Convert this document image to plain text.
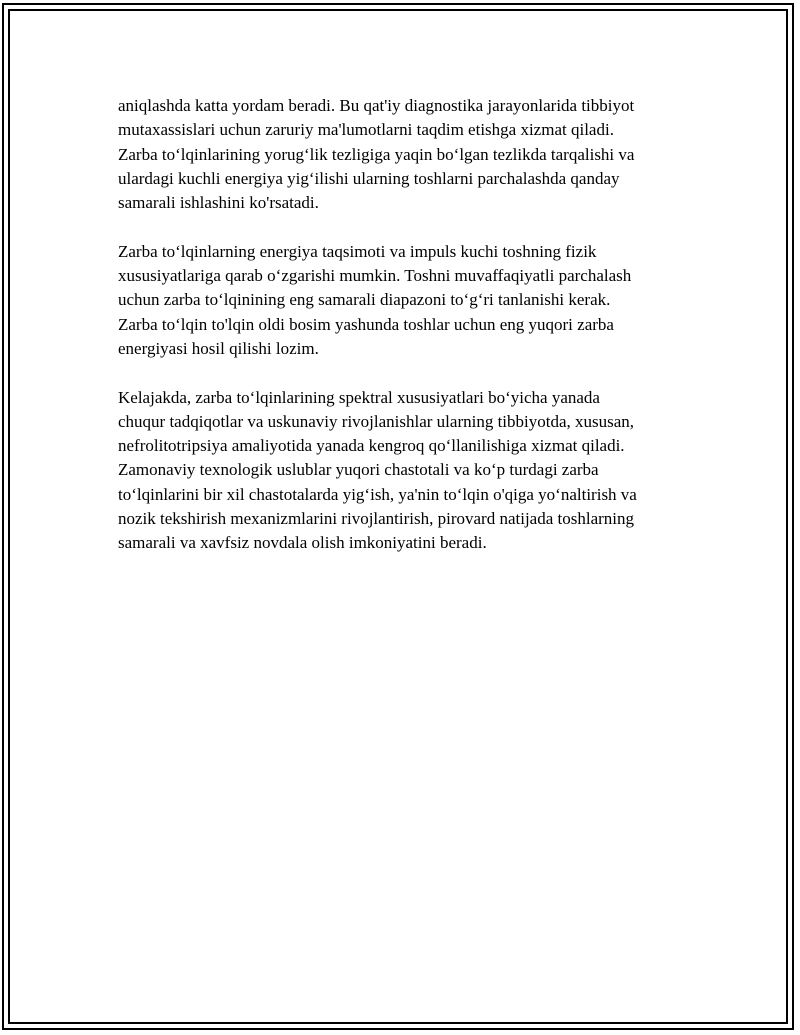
aniqlashda katta yordam beradi. Bu qat'iy diagnostika jarayonlarida tibbiyot
mutaxassislari uchun zaruriy ma'lumotlarni taqdim etishga xizmat qiladi.
Zarba to‘lqinlarining yorug‘lik tezligiga yaqin bo‘lgan tezlikda tarqalishi va
ulardagi kuchli energiya yig‘ilishi ularning toshlarni parchalashda qanday
samarali ishlashini ko'rsatadi.

Zarba to‘lqinlarning energiya taqsimoti va impuls kuchi toshning fizik
xususiyatlariga qarab o‘zgarishi mumkin. Toshni muvaffaqiyatli parchalash
uchun zarba to‘lqinining eng samarali diapazoni to‘g‘ri tanlanishi kerak.
Zarba to‘lqin to'lqin oldi bosim yashunda toshlar uchun eng yuqori zarba
energiyasi hosil qilishi lozim.

Kelajakda, zarba to‘lqinlarining spektral xususiyatlari bo‘yicha yanada
chuqur tadqiqotlar va uskunaviy rivojlanishlar ularning tibbiyotda, xususan,
nefrolitotripsiya amaliyotida yanada kengroq qo‘llanilishiga xizmat qiladi.
Zamonaviy texnologik uslublar yuqori chastotali va ko‘p turdagi zarba
to‘lqinlarini bir xil chastotalarda yig‘ish, ya'nin to‘lqin o'qiga yo‘naltirish va
nozik tekshirish mexanizmlarini rivojlantirish, pirovard natijada toshlarning
samarali va xavfsiz novdala olish imkoniyatini beradi.
